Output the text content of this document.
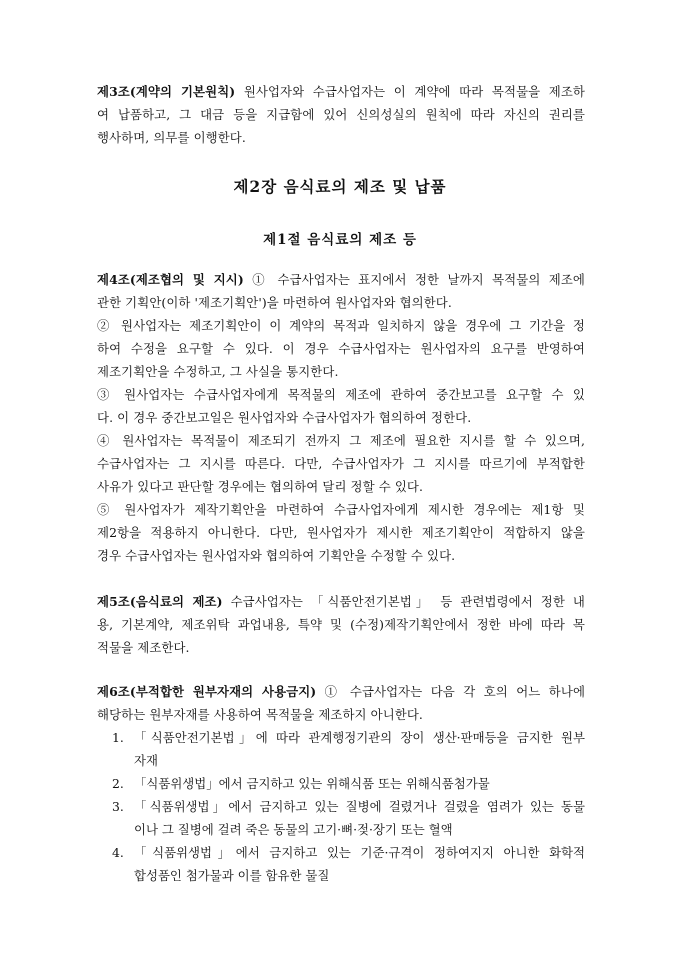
제3조(계약의 기본원칙) 원사업자와 수급사업자는 이 계약에 따라 목적물을 제조하
여 납품하고, 그 대금 등을 지급함에 있어 신의성실의 원칙에 따라 자신의 권리를
행사하며, 의무를 이행한다.
제2장 음식료의 제조 및 납품
제1절 음식료의 제조 등
제4조(제조협의 및 지시) ① 수급사업자는 표지에서 정한 날까지 목적물의 제조에
관한 기획안(이하 '제조기획안')을 마련하여 원사업자와 협의한다.
② 원사업자는 제조기획안이 이 계약의 목적과 일치하지 않을 경우에 그 기간을 정
하여 수정을 요구할 수 있다. 이 경우 수급사업자는 원사업자의 요구를 반영하여
제조기획안을 수정하고, 그 사실을 통지한다.
③ 원사업자는 수급사업자에게 목적물의 제조에 관하여 중간보고를 요구할 수 있
다. 이 경우 중간보고일은 원사업자와 수급사업자가 협의하여 정한다.
④ 원사업자는 목적물이 제조되기 전까지 그 제조에 필요한 지시를 할 수 있으며,
수급사업자는 그 지시를 따른다. 다만, 수급사업자가 그 지시를 따르기에 부적합한
사유가 있다고 판단할 경우에는 협의하여 달리 정할 수 있다.
⑤ 원사업자가 제작기획안을 마련하여 수급사업자에게 제시한 경우에는 제1항 및
제2항을 적용하지 아니한다. 다만, 원사업자가 제시한 제조기획안이 적합하지 않을
경우 수급사업자는 원사업자와 협의하여 기획안을 수정할 수 있다.
제5조(음식료의 제조) 수급사업자는 「식품안전기본법」 등 관련법령에서 정한 내
용, 기본계약, 제조위탁 과업내용, 특약 및 (수정)제작기획안에서 정한 바에 따라 목
적물을 제조한다.
제6조(부적합한 원부자재의 사용금지) ① 수급사업자는 다음 각 호의 어느 하나에
해당하는 원부자재를 사용하여 목적물을 제조하지 아니한다.
1. 「식품안전기본법」에 따라 관계행정기관의 장이 생산·판매등을 금지한 원부
자재
2. 「식품위생법」에서 금지하고 있는 위해식품 또는 위해식품첨가물
3. 「식품위생법」에서 금지하고 있는 질병에 걸렸거나 걸렸을 염려가 있는 동물
이나 그 질병에 걸려 죽은 동물의 고기·뼈·젖·장기 또는 혈액
4. 「식품위생법」에서 금지하고 있는 기준·규격이 정하여지지 아니한 화학적
합성품인 첨가물과 이를 함유한 물질
